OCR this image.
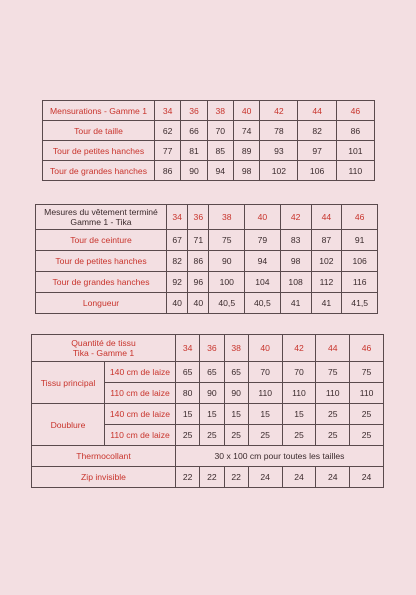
Mensurations - Gamme 1	34	36	38	40	42	44	46
Tour de taille	62	66	70	74	78	82	86
Tour de petites hanches	77	81	85	89	93	97	101
Tour de grandes hanches	86	90	94	98	102	106	110
Mesures du vêtement terminé
Gamme 1 - Tika	34	36	38	40	42	44	46
Tour de ceinture	67	71	75	79	83	87	91
Tour de petites hanches	82	86	90	94	98	102	106
Tour de grandes hanches	92	96	100	104	108	112	116
Longueur	40	40	40,5	40,5	41	41	41,5
Quantité de tissu
Tika - Gamme 1		34	36	38	40	42	44	46
Tissu principal	140 cm de laize	65	65	65	70	70	75	75
	110 cm de laize	80	90	90	110	110	110	110
Doublure	140 cm de laize	15	15	15	15	15	25	25
	110 cm de laize	25	25	25	25	25	25	25
Thermocollant		30 x 100 cm pour toutes les tailles						
Zip invisible		22	22	22	24	24	24	24
